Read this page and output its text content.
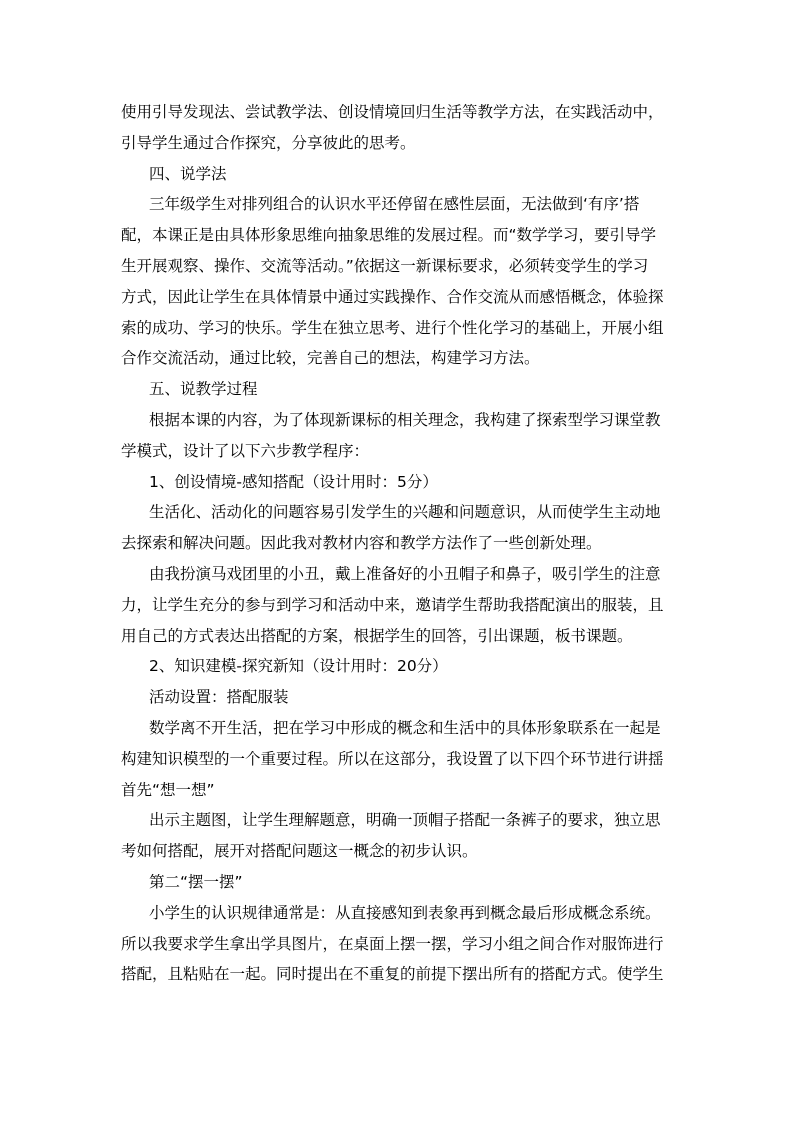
使用引导发现法、尝试教学法、创设情境回归生活等教学方法，在实践活动中，
引导学生通过合作探究，分享彼此的思考。
四、说学法
三年级学生对排列组合的认识水平还停留在感性层面，无法做到‘有序’搭
配，本课正是由具体形象思维向抽象思维的发展过程。而“数学学习，要引导学
生开展观察、操作、交流等活动。”依据这一新课标要求，必须转变学生的学习
方式，因此让学生在具体情景中通过实践操作、合作交流从而感悟概念，体验探
索的成功、学习的快乐。学生在独立思考、进行个性化学习的基础上，开展小组
合作交流活动，通过比较，完善自己的想法，构建学习方法。
五、说教学过程
根据本课的内容，为了体现新课标的相关理念，我构建了探索型学习课堂教
学模式，设计了以下六步教学程序：
1、创设情境-感知搭配（设计用时：5分）
生活化、活动化的问题容易引发学生的兴趣和问题意识，从而使学生主动地
去探索和解决问题。因此我对教材内容和教学方法作了一些创新处理。
由我扮演马戏团里的小丑，戴上准备好的小丑帽子和鼻子，吸引学生的注意
力，让学生充分的参与到学习和活动中来，邀请学生帮助我搭配演出的服装，且
用自己的方式表达出搭配的方案，根据学生的回答，引出课题，板书课题。
2、知识建模-探究新知（设计用时：20分）
活动设置：搭配服装
数学离不开生活，把在学习中形成的概念和生活中的具体形象联系在一起是
构建知识模型的一个重要过程。所以在这部分，我设置了以下四个环节进行讲揺
首先“想一想”
出示主题图，让学生理解题意，明确一顶帽子搭配一条裤子的要求，独立思
考如何搭配，展开对搭配问题这一概念的初步认识。
第二“摆一摆”
小学生的认识规律通常是：从直接感知到表象再到概念最后形成概念系统。
所以我要求学生拿出学具图片，在桌面上摆一摆，学习小组之间合作对服饰进行
搭配，且粘贴在一起。同时提出在不重复的前提下摆出所有的搭配方式。使学生
